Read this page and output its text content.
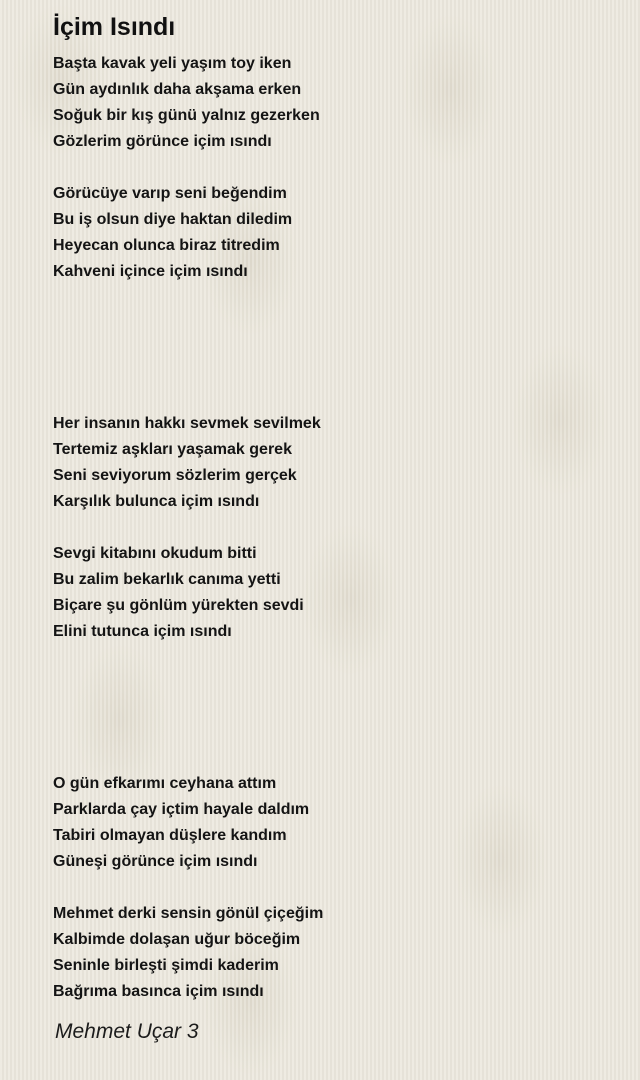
İçim Isındı
Başta kavak yeli yaşım toy iken
Gün aydınlık daha akşama erken
Soğuk bir kış günü yalnız gezerken
Gözlerim görünce içim ısındı
Görücüye varıp seni beğendim
Bu iş olsun diye haktan diledim
Heyecan olunca biraz titredim
Kahveni içince içim ısındı
Her insanın hakkı sevmek sevilmek
Tertemiz aşkları yaşamak gerek
Seni seviyorum sözlerim gerçek
Karşılık bulunca içim ısındı
Sevgi kitabını okudum bitti
Bu zalim bekarlık canıma yetti
Biçare şu gönlüm yürekten sevdi
Elini tutunca içim ısındı
O gün efkarımı ceyhana attım
Parklarda çay içtim hayale daldım
Tabiri olmayan düşlere kandım
Güneşi görünce içim ısındı
Mehmet derki sensin gönül çiçeğim
Kalbimde dolaşan uğur böceğim
Seninle birleşti şimdi kaderim
Bağrıma basınca içim ısındı
Mehmet Uçar 3
